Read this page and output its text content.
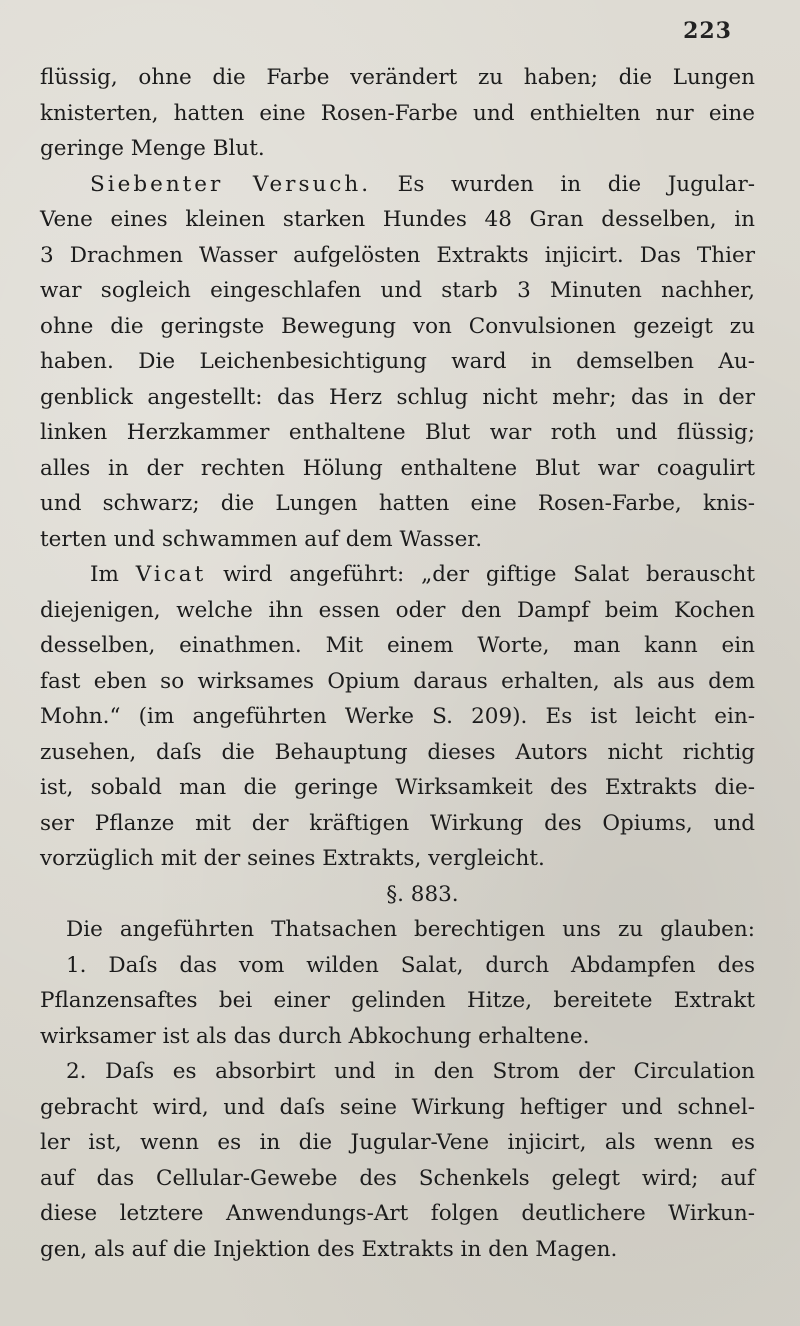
223
flüssig, ohne die Farbe verändert zu haben; die Lungen
knisterten, hatten eine Rosen-Farbe und enthielten nur eine
geringe Menge Blut.
Siebenter Versuch. Es wurden in die Jugular-
Vene eines kleinen starken Hundes 48 Gran desselben, in
3 Drachmen Wasser aufgelösten Extrakts injicirt. Das Thier
war sogleich eingeschlafen und starb 3 Minuten nachher,
ohne die geringste Bewegung von Convulsionen gezeigt zu
haben. Die Leichenbesichtigung ward in demselben Au-
genblick angestellt: das Herz schlug nicht mehr; das in der
linken Herzkammer enthaltene Blut war roth und flüssig;
alles in der rechten Hölung enthaltene Blut war coagulirt
und schwarz; die Lungen hatten eine Rosen-Farbe, knis-
terten und schwammen auf dem Wasser.
Im Vicat wird angeführt: „der giftige Salat berauscht
diejenigen, welche ihn essen oder den Dampf beim Kochen
desselben, einathmen. Mit einem Worte, man kann ein
fast eben so wirksames Opium daraus erhalten, als aus dem
Mohn.“ (im angeführten Werke S. 209). Es ist leicht ein-
zusehen, daſs die Behauptung dieses Autors nicht richtig
ist, sobald man die geringe Wirksamkeit des Extrakts die-
ser Pflanze mit der kräftigen Wirkung des Opiums, und
vorzüglich mit der seines Extrakts, vergleicht.
§. 883.
Die angeführten Thatsachen berechtigen uns zu glauben:
1. Daſs das vom wilden Salat, durch Abdampfen des
Pflanzensaftes bei einer gelinden Hitze, bereitete Extrakt
wirksamer ist als das durch Abkochung erhaltene.
2. Daſs es absorbirt und in den Strom der Circulation
gebracht wird, und daſs seine Wirkung heftiger und schnel-
ler ist, wenn es in die Jugular-Vene injicirt, als wenn es
auf das Cellular-Gewebe des Schenkels gelegt wird; auf
diese letztere Anwendungs-Art folgen deutlichere Wirkun-
gen, als auf die Injektion des Extrakts in den Magen.
